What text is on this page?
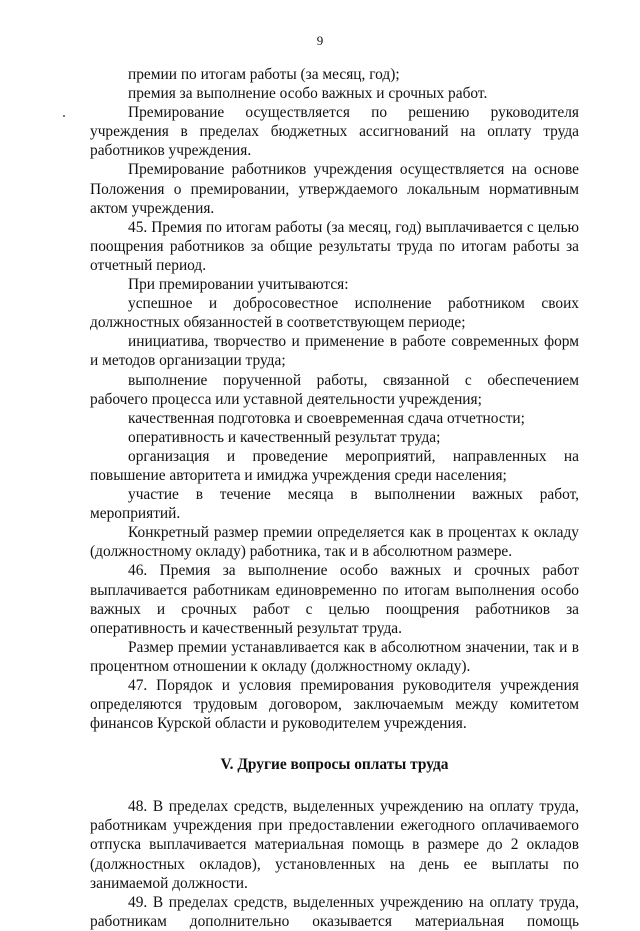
9

премии по итогам работы (за месяц, год);

премия за выполнение особо важных и срочных работ.

Премирование осуществляется по решению руководителя учреждения в пределах бюджетных ассигнований на оплату труда работников учреждения.

Премирование работников учреждения осуществляется на основе Положения о премировании, утверждаемого локальным нормативным актом учреждения.

45. Премия по итогам работы (за месяц, год) выплачивается с целью поощрения работников за общие результаты труда по итогам работы за отчетный период.

При премировании учитываются:

успешное и добросовестное исполнение работником своих должностных обязанностей в соответствующем периоде;

инициатива, творчество и применение в работе современных форм и методов организации труда;

выполнение порученной работы, связанной с обеспечением рабочего процесса или уставной деятельности учреждения;

качественная подготовка и своевременная сдача отчетности;

оперативность и качественный результат труда;

организация и проведение мероприятий, направленных на повышение авторитета и имиджа учреждения среди населения;

участие в течение месяца в выполнении важных работ, мероприятий.

Конкретный размер премии определяется как в процентах к окладу (должностному окладу) работника, так и в абсолютном размере.

46. Премия за выполнение особо важных и срочных работ выплачивается работникам единовременно по итогам выполнения особо важных и срочных работ с целью поощрения работников за оперативность и качественный результат труда.

Размер премии устанавливается как в абсолютном значении, так и в процентном отношении к окладу (должностному окладу).

47. Порядок и условия премирования руководителя учреждения определяются трудовым договором, заключаемым между комитетом финансов Курской области и руководителем учреждения.

V. Другие вопросы оплаты труда

48. В пределах средств, выделенных учреждению на оплату труда, работникам учреждения при предоставлении ежегодного оплачиваемого отпуска выплачивается материальная помощь в размере до 2 окладов (должностных окладов), установленных на день ее выплаты по занимаемой должности.

49. В пределах средств, выделенных учреждению на оплату труда, работникам дополнительно оказывается материальная помощь
